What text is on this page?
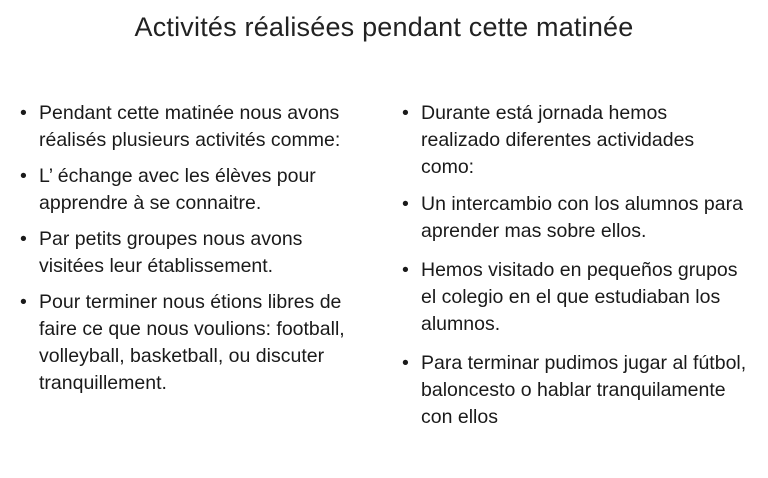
Activités réalisées pendant cette matinée
• Pendant cette matinée nous avons réalisés plusieurs activités comme:
• L’ échange avec les élèves pour apprendre à se connaitre.
• Par petits groupes nous avons visitées leur établissement.
• Pour terminer nous étions libres de faire ce que nous voulions: football, volleyball, basketball, ou discuter tranquillement.
• Durante está jornada hemos realizado diferentes actividades como:
• Un intercambio con los alumnos para aprender mas sobre ellos.
• Hemos visitado en pequeños grupos el colegio en el que estudiaban los alumnos.
• Para terminar pudimos jugar al fútbol, baloncesto o hablar tranquilamente con ellos
